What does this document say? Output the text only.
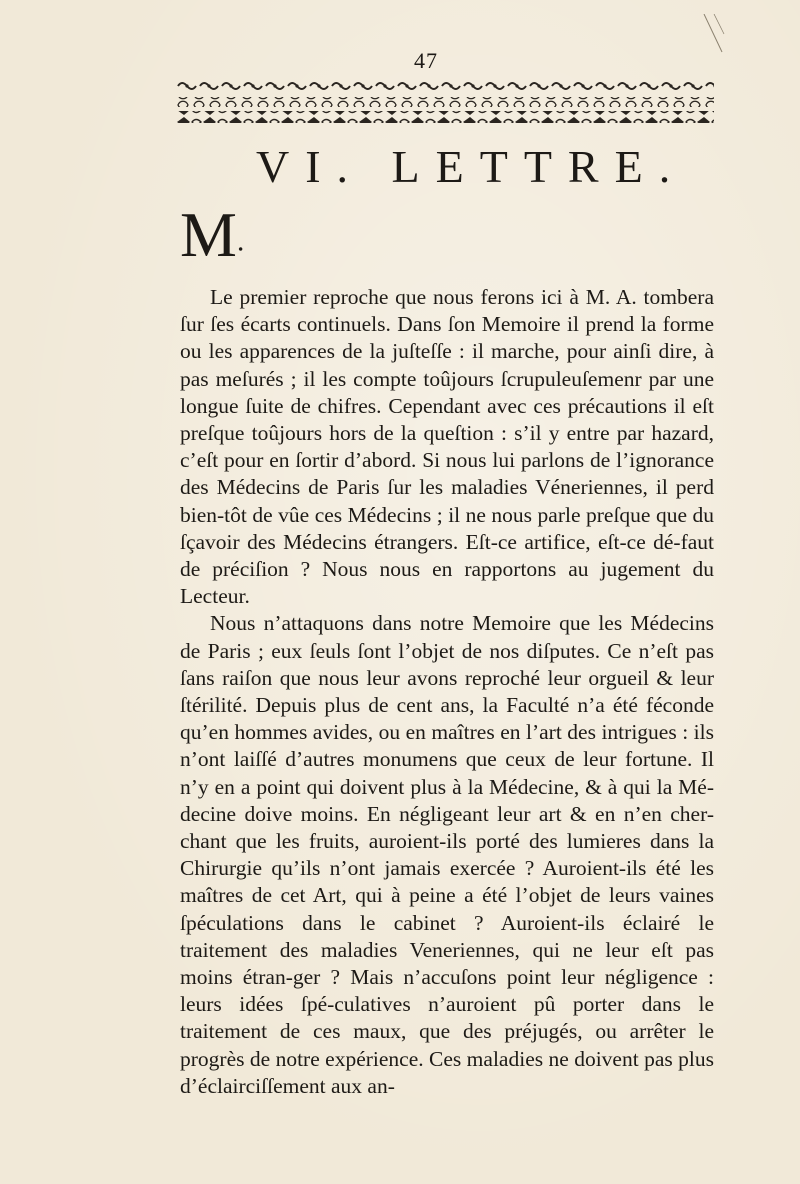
47
VI. LETTRE.
M.

Le premier reproche que nous ferons ici à M. A. tombera ſur ſes écarts continuels. Dans ſon Memoire il prend la forme ou les apparences de la juſteſſe : il marche, pour ainſi dire, à pas meſurés ; il les compte toûjours ſcrupuleuſemenr par une longue ſuite de chifres. Cependant avec ces précautions il eſt preſque toûjours hors de la queſtion : s’il y entre par hazard, c’eſt pour en ſortir d’abord. Si nous lui parlons de l’ignorance des Médecins de Paris ſur les maladies Véneriennes, il perd bien-tôt de vûe ces Médecins ; il ne nous parle preſque que du ſçavoir des Médecins étrangers. Eſt-ce artifice, eſt-ce dé-faut de préciſion ? Nous nous en rapportons au jugement du Lecteur.

Nous n’attaquons dans notre Memoire que les Médecins de Paris ; eux ſeuls ſont l’objet de nos diſputes. Ce n’eſt pas ſans raiſon que nous leur avons reproché leur orgueil & leur ſtérilité. Depuis plus de cent ans, la Faculté n’a été féconde qu’en hommes avides, ou en maîtres en l’art des intrigues : ils n’ont laiſſé d’autres monumens que ceux de leur fortune. Il n’y en a point qui doivent plus à la Médecine, & à qui la Mé-decine doive moins. En négligeant leur art & en n’en cher-chant que les fruits, auroient-ils porté des lumieres dans la Chirurgie qu’ils n’ont jamais exercée ? Auroient-ils été les maîtres de cet Art, qui à peine a été l’objet de leurs vaines ſpéculations dans le cabinet ? Auroient-ils éclairé le traitement des maladies Veneriennes, qui ne leur eſt pas moins étran-ger ? Mais n’accuſons point leur négligence : leurs idées ſpé-culatives n’auroient pû porter dans le traitement de ces maux, que des préjugés, ou arrêter le progrès de notre expérience. Ces maladies ne doivent pas plus d’éclairciſſement aux an-
